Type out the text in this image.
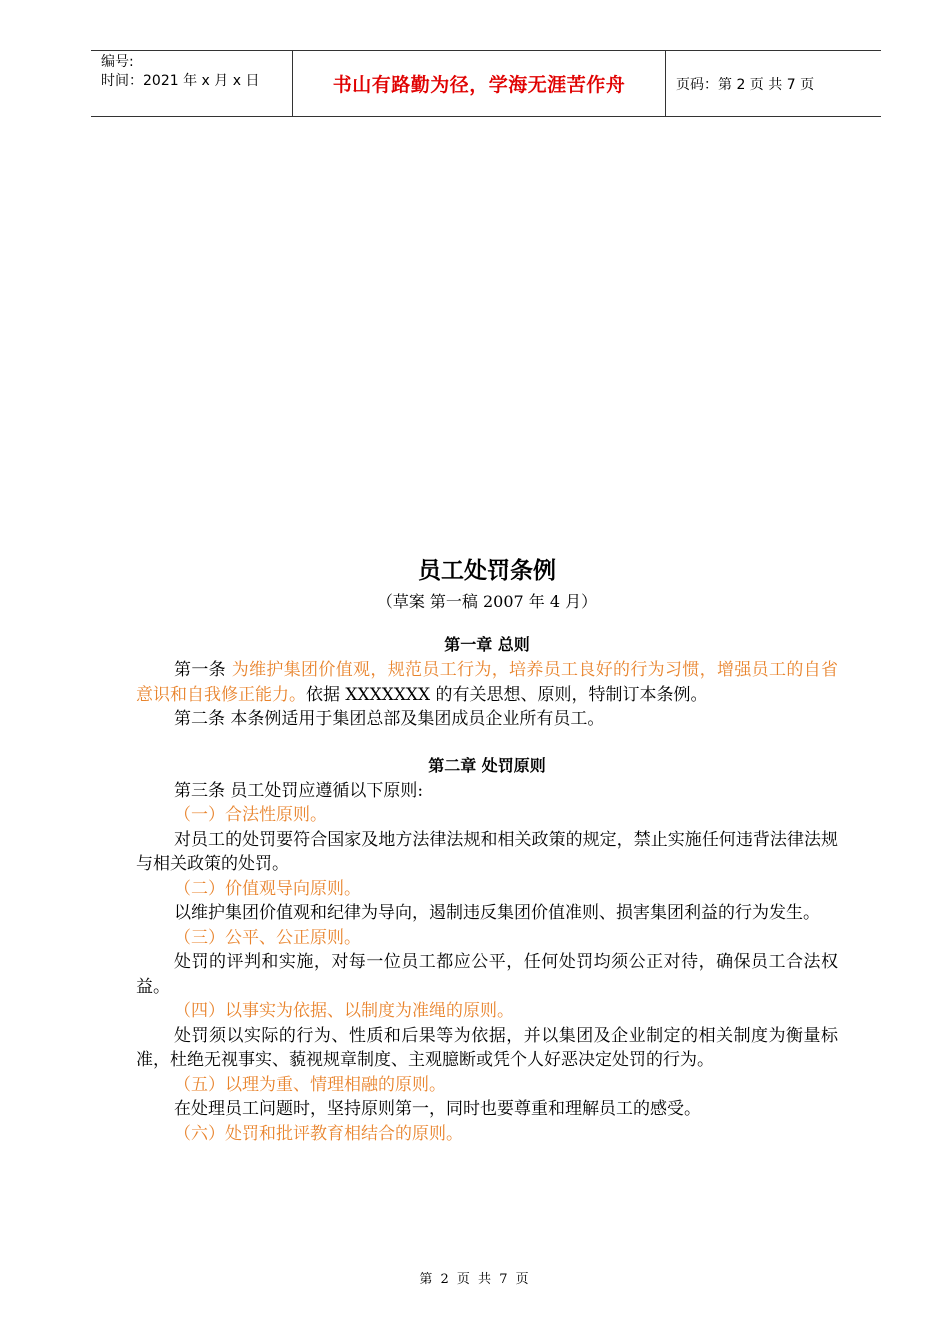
编号:
时间：2021 年 x 月 x 日	书山有路勤为径，学海无涯苦作舟	页码：第 2 页 共 7 页
员工处罚条例
（草案 第一稿 2007 年 4 月）
第一章 总则

第一条 为维护集团价值观，规范员工行为，培养员工良好的行为习惯，增强员工的自省意识和自我修正能力。依据 XXXXXXX 的有关思想、原则，特制订本条例。

第二条 本条例适用于集团总部及集团成员企业所有员工。

第二章 处罚原则

第三条 员工处罚应遵循以下原则:

（一）合法性原则。

对员工的处罚要符合国家及地方法律法规和相关政策的规定，禁止实施任何违背法律法规与相关政策的处罚。

（二）价值观导向原则。

以维护集团价值观和纪律为导向，遏制违反集团价值准则、损害集团利益的行为发生。

（三）公平、公正原则。

处罚的评判和实施，对每一位员工都应公平，任何处罚均须公正对待，确保员工合法权益。

（四）以事实为依据、以制度为准绳的原则。

处罚须以实际的行为、性质和后果等为依据，并以集团及企业制定的相关制度为衡量标准，杜绝无视事实、藐视规章制度、主观臆断或凭个人好恶决定处罚的行为。

（五）以理为重、情理相融的原则。

在处理员工问题时，坚持原则第一，同时也要尊重和理解员工的感受。

（六）处罚和批评教育相结合的原则。

第 2 页 共 7 页
